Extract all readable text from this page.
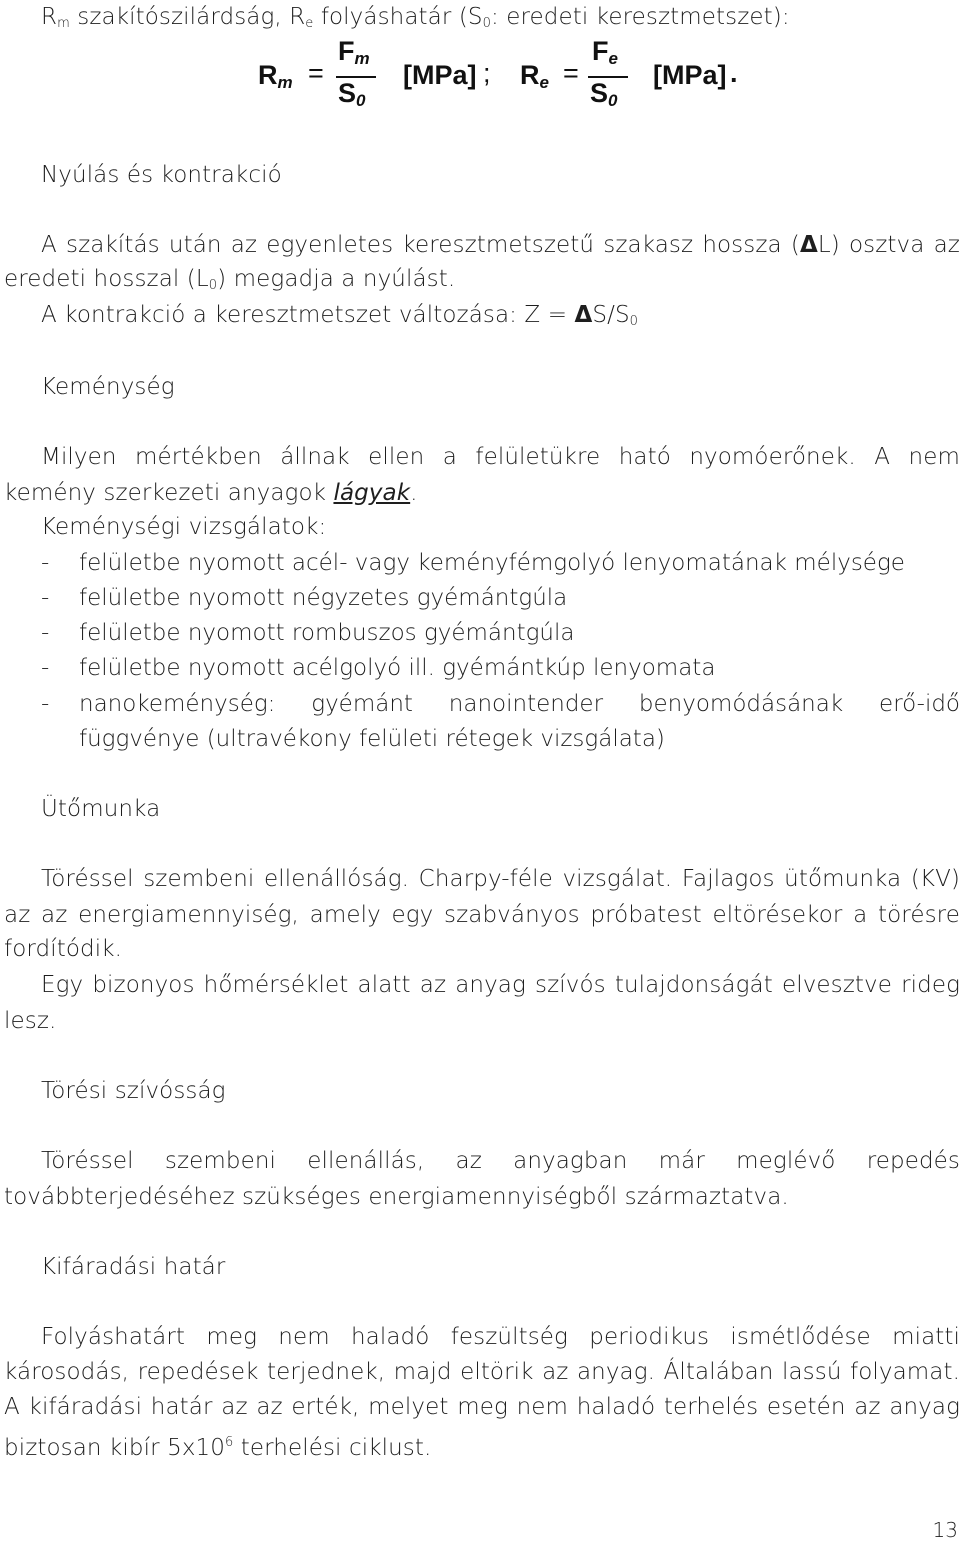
$R_m$ szakítószilárdság, $R_e$ folyáshatár ($S_0$: eredeti keresztmetszet):
$R_m$ =
$F_m$
$S_0$
[MPa] ; $R_e$ =
$F_e$
$S_0$
[MPa] .
Nyúlás és kontrakció
A szakítás után az egyenletes keresztmetszetű szakasz hossza (ΔL) osztva az
eredeti hosszal $(L_0)$ megadja a nyúlást.
A kontrakció a keresztmetszet változása: $Z = \Delta S/S_0$
Keménység
Milyen mértékben állnak ellen a felületükre ható nyomóerőnek. A nem
kemény szerkezeti anyagok lágyak.
Keménységi vizsgálatok:
- felületbe nyomott acél- vagy keményfémgolyó lenyomatának mélysége
- felületbe nyomott négyzetes gyémántgúla
- felületbe nyomott rombuszos gyémántgúla
- felületbe nyomott acélgolyó ill. gyémántkúp lenyomata
- nanokeménység: gyémánt nanointender benyomódásának erő-idő
függvénye (ultravékony felületi rétegek vizsgálata)
Ütőmunka
Töréssel szembeni ellenállóság. Charpy-féle vizsgálat. Fajlagos ütőmunka (KV)
az az energiamennyiség, amely egy szabványos próbatest eltörésekor a törésre
fordítódik.
Egy bizonyos hőmérséklet alatt az anyag szívós tulajdonságát elvesztve rideg
lesz.
Törési szívósság
Töréssel szembeni ellenállás, az anyagban már meglévő repedés
továbbterjedéséhez szükséges energiamennyiségből származtatva.
Kifáradási határ
Folyáshatárt meg nem haladó feszültség periodikus ismétlődése miatti
károsodás, repedések terjednek, majd eltörik az anyag. Általában lassú folyamat.
A kifáradási határ az az erték, melyet meg nem haladó terhelés esetén az anyag
biztosan kibír $5x10^6$ terhelési ciklust.
13
